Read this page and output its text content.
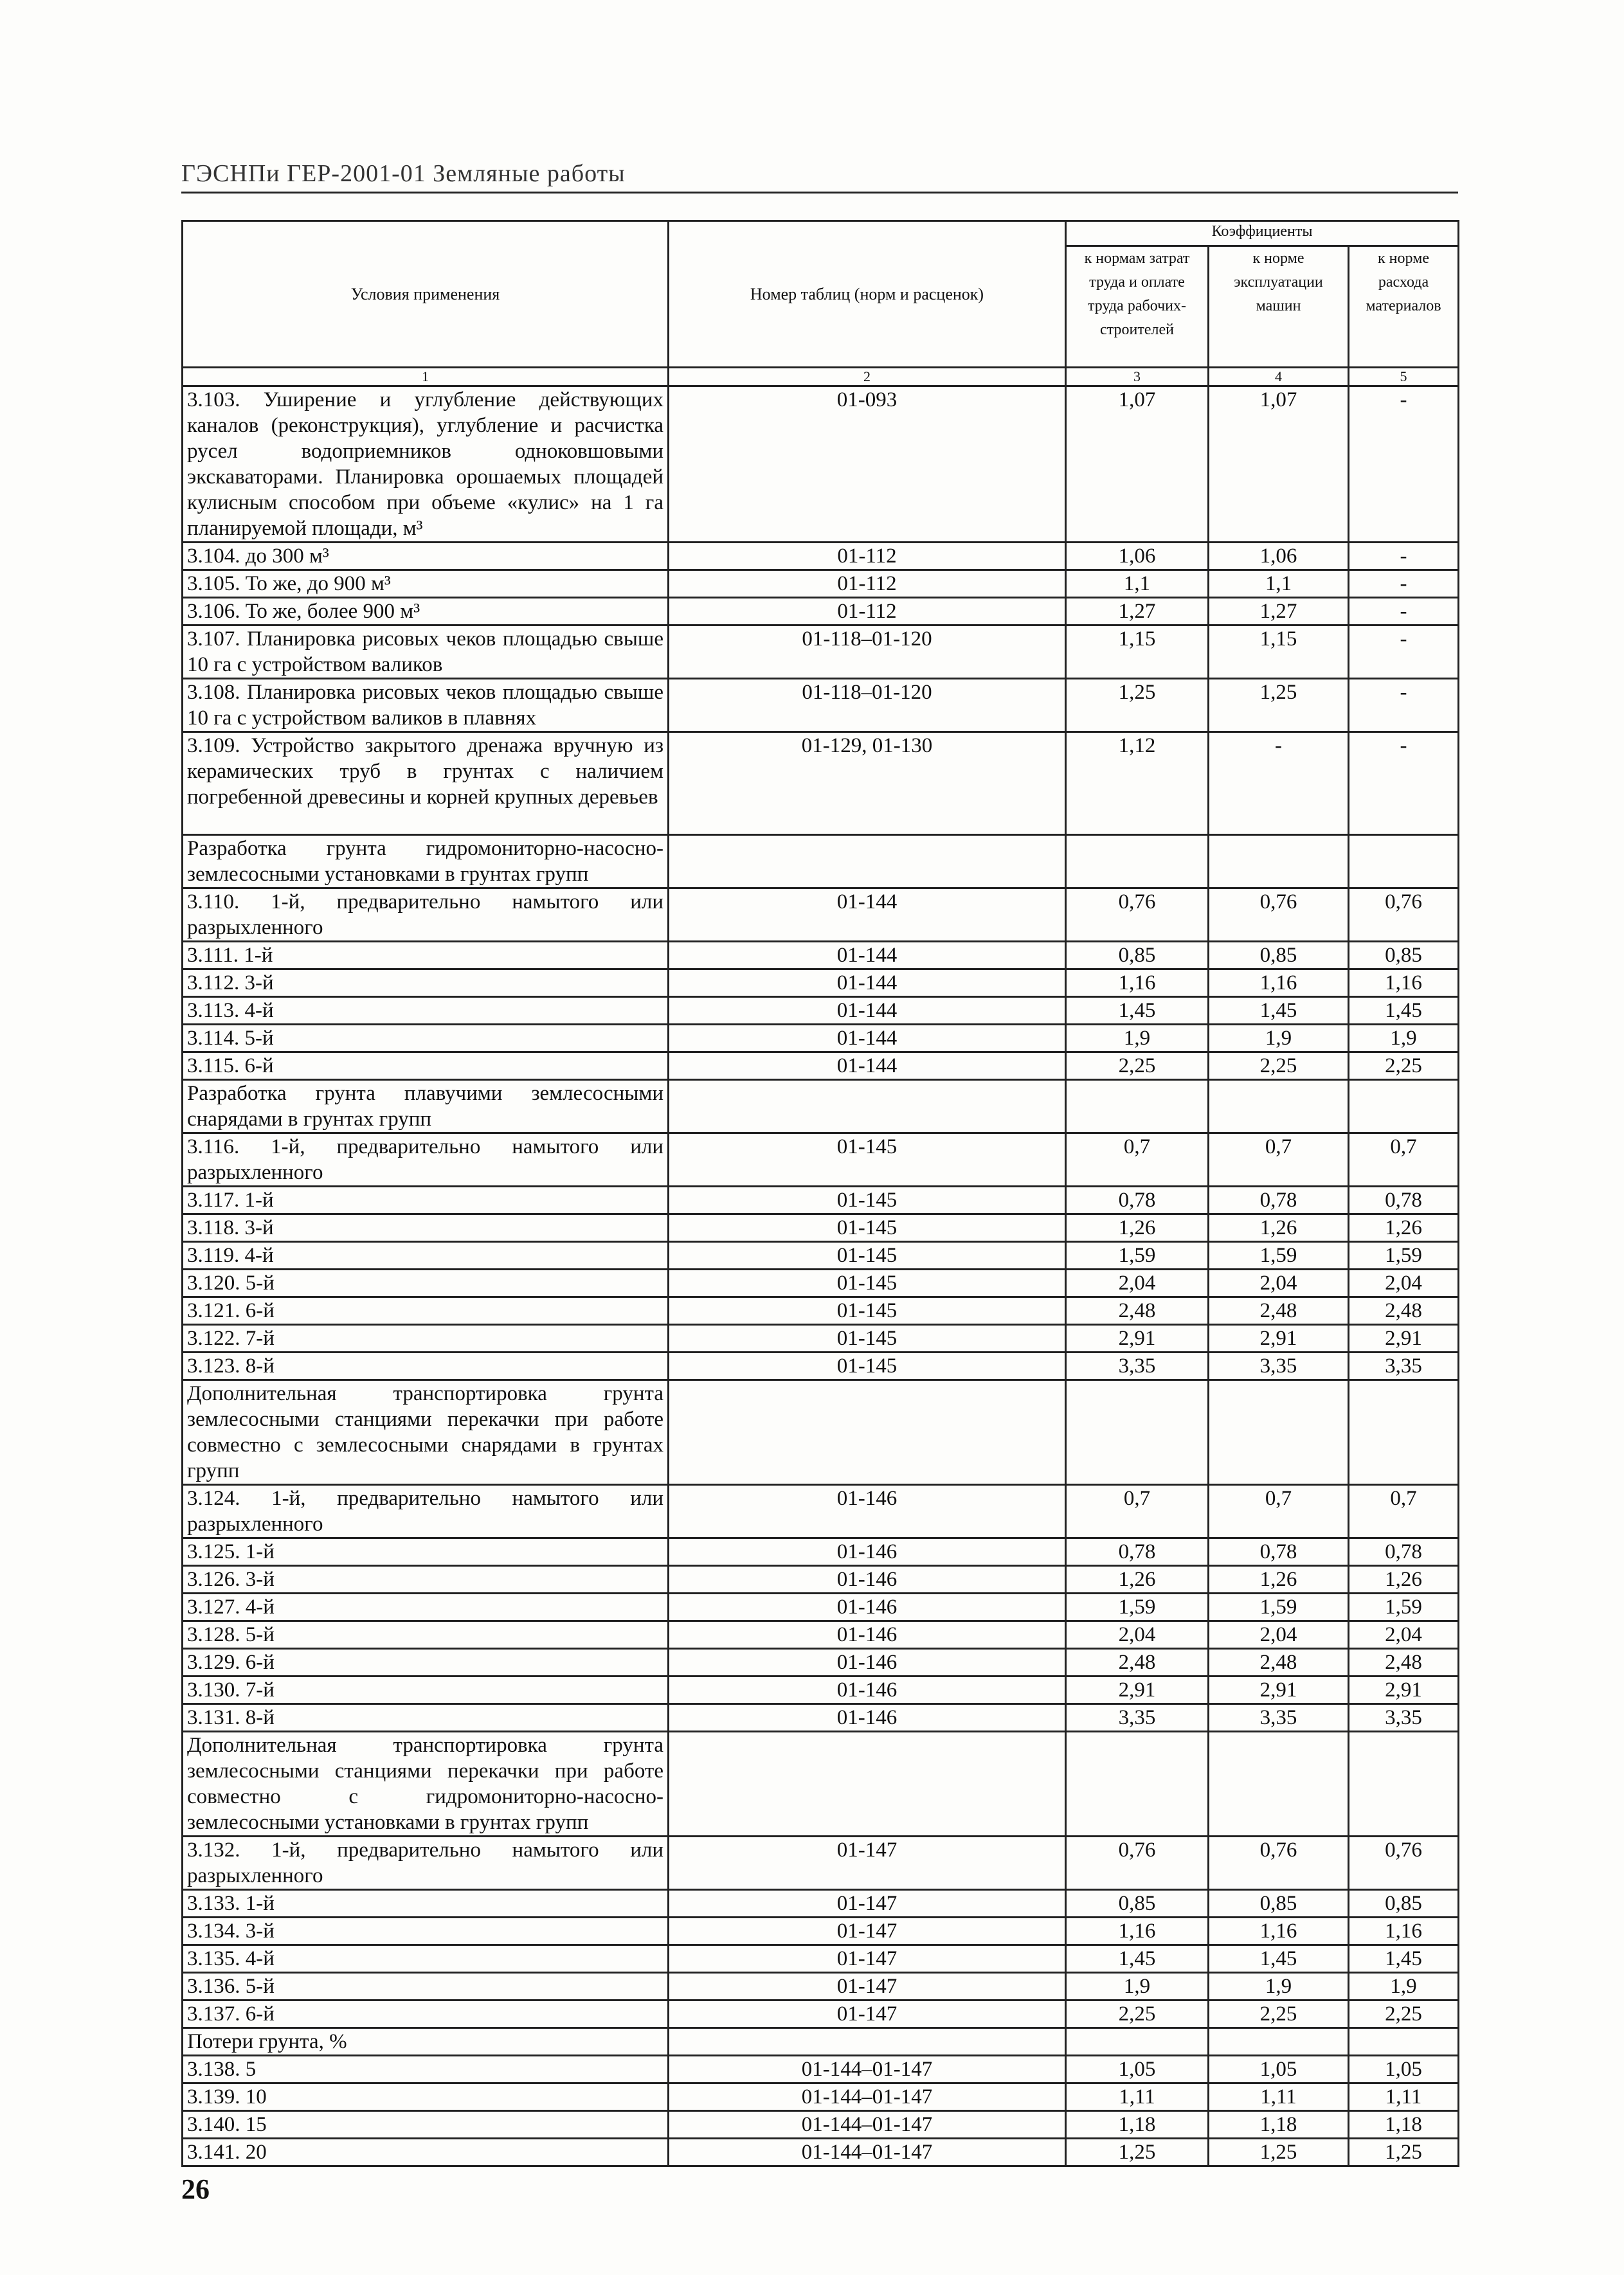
ГЭСНПи ГЕР-2001-01 Земляные работы
Условия применения	Номер таблиц (норм и расценок)	Коэффициенты		
		к нормам затрат труда и оплате труда рабочих-строителей	к норме эксплуатации машин	к норме расхода материалов
1	2	3	4	5
3.103. Уширение и углубление действующих каналов (реконструкция), углубление и расчистка русел водоприемников одноковшовыми экскаваторами. Планировка орошаемых площадей кулисным способом при объеме «кулис» на 1 га планируемой площади, м³	01-093	1,07	1,07	-
3.104. до 300 м³	01-112	1,06	1,06	-
3.105. То же, до 900 м³	01-112	1,1	1,1	-
3.106. То же, более 900 м³	01-112	1,27	1,27	-
3.107. Планировка рисовых чеков площадью свыше 10 га с устройством валиков	01-118–01-120	1,15	1,15	-
3.108. Планировка рисовых чеков площадью свыше 10 га с устройством валиков в плавнях	01-118–01-120	1,25	1,25	-
3.109. Устройство закрытого дренажа вручную из керамических труб в грунтах с наличием погребенной древесины и корней крупных деревьев	01-129, 01-130	1,12	-	-
Разработка грунта гидромониторно-насосно-землесосными установками в грунтах групп				
3.110. 1-й, предварительно намытого или разрыхленного	01-144	0,76	0,76	0,76
3.111. 1-й	01-144	0,85	0,85	0,85
3.112. 3-й	01-144	1,16	1,16	1,16
3.113. 4-й	01-144	1,45	1,45	1,45
3.114. 5-й	01-144	1,9	1,9	1,9
3.115. 6-й	01-144	2,25	2,25	2,25
Разработка грунта плавучими землесосными снарядами в грунтах групп				
3.116. 1-й, предварительно намытого или разрыхленного	01-145	0,7	0,7	0,7
3.117. 1-й	01-145	0,78	0,78	0,78
3.118. 3-й	01-145	1,26	1,26	1,26
3.119. 4-й	01-145	1,59	1,59	1,59
3.120. 5-й	01-145	2,04	2,04	2,04
3.121. 6-й	01-145	2,48	2,48	2,48
3.122. 7-й	01-145	2,91	2,91	2,91
3.123. 8-й	01-145	3,35	3,35	3,35
Дополнительная транспортировка грунта землесосными станциями перекачки при работе совместно с землесосными снарядами в грунтах групп				
3.124. 1-й, предварительно намытого или разрыхленного	01-146	0,7	0,7	0,7
3.125. 1-й	01-146	0,78	0,78	0,78
3.126. 3-й	01-146	1,26	1,26	1,26
3.127. 4-й	01-146	1,59	1,59	1,59
3.128. 5-й	01-146	2,04	2,04	2,04
3.129. 6-й	01-146	2,48	2,48	2,48
3.130. 7-й	01-146	2,91	2,91	2,91
3.131. 8-й	01-146	3,35	3,35	3,35
Дополнительная транспортировка грунта землесосными станциями перекачки при работе совместно с гидромониторно-насосно-землесосными установками в грунтах групп				
3.132. 1-й, предварительно намытого или разрыхленного	01-147	0,76	0,76	0,76
3.133. 1-й	01-147	0,85	0,85	0,85
3.134. 3-й	01-147	1,16	1,16	1,16
3.135. 4-й	01-147	1,45	1,45	1,45
3.136. 5-й	01-147	1,9	1,9	1,9
3.137. 6-й	01-147	2,25	2,25	2,25
Потери грунта, %				
3.138. 5	01-144–01-147	1,05	1,05	1,05
3.139. 10	01-144–01-147	1,11	1,11	1,11
3.140. 15	01-144–01-147	1,18	1,18	1,18
3.141. 20	01-144–01-147	1,25	1,25	1,25
26
